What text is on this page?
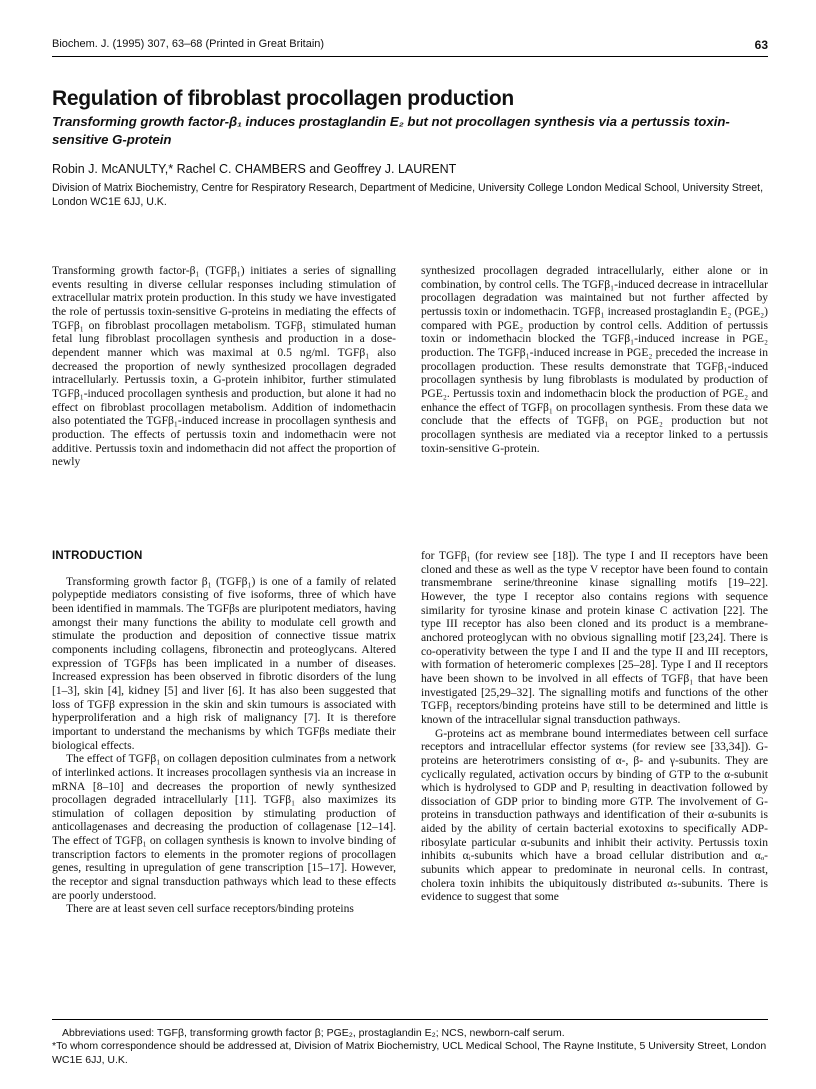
Biochem. J. (1995) 307, 63–68 (Printed in Great Britain)	63
Regulation of fibroblast procollagen production
Transforming growth factor-β₁ induces prostaglandin E₂ but not procollagen synthesis via a pertussis toxin-sensitive G-protein
Robin J. McANULTY,* Rachel C. CHAMBERS and Geoffrey J. LAURENT
Division of Matrix Biochemistry, Centre for Respiratory Research, Department of Medicine, University College London Medical School, University Street, London WC1E 6JJ, U.K.

Transforming growth factor-β₁ (TGFβ₁) initiates a series of signalling events resulting in diverse cellular responses including stimulation of extracellular matrix protein production. In this study we have investigated the role of pertussis toxin-sensitive G-proteins in mediating the effects of TGFβ₁ on fibroblast procollagen metabolism. TGFβ₁ stimulated human fetal lung fibroblast procollagen synthesis and production in a dose-dependent manner which was maximal at 0.5 ng/ml. TGFβ₁ also decreased the proportion of newly synthesized procollagen degraded intracellularly. Pertussis toxin, a G-protein inhibitor, further stimulated TGFβ₁-induced procollagen synthesis and production, but alone it had no effect on fibroblast procollagen metabolism. Addition of indomethacin also potentiated the TGFβ₁-induced increase in procollagen synthesis and production. The effects of pertussis toxin and indomethacin were not additive. Pertussis toxin and indomethacin did not affect the proportion of newly

synthesized procollagen degraded intracellularly, either alone or in combination, by control cells. The TGFβ₁-induced decrease in intracellular procollagen degradation was maintained but not further affected by pertussis toxin or indomethacin. TGFβ₁ increased prostaglandin E₂ (PGE₂) compared with PGE₂ production by control cells. Addition of pertussis toxin or indomethacin blocked the TGFβ₁-induced increase in PGE₂ production. The TGFβ₁-induced increase in PGE₂ preceded the increase in procollagen production. These results demonstrate that TGFβ₁-induced procollagen synthesis by lung fibroblasts is modulated by production of PGE₂. Pertussis toxin and indomethacin block the production of PGE₂ and enhance the effect of TGFβ₁ on procollagen synthesis. From these data we conclude that the effects of TGFβ₁ on PGE₂ production but not procollagen synthesis are mediated via a receptor linked to a pertussis toxin-sensitive G-protein.

INTRODUCTION

Transforming growth factor β₁ (TGFβ₁) is one of a family of related polypeptide mediators consisting of five isoforms, three of which have been identified in mammals. The TGFβs are pluripotent mediators, having amongst their many functions the ability to modulate cell growth and stimulate the production and deposition of connective tissue matrix components including collagens, fibronectin and proteoglycans. Altered expression of TGFβs has been implicated in a number of diseases. Increased expression has been observed in fibrotic disorders of the lung [1–3], skin [4], kidney [5] and liver [6]. It has also been suggested that loss of TGFβ expression in the skin and skin tumours is associated with hyperproliferation and a high risk of malignancy [7]. It is therefore important to understand the mechanisms by which TGFβs mediate their biological effects.

The effect of TGFβ₁ on collagen deposition culminates from a network of interlinked actions. It increases procollagen synthesis via an increase in mRNA [8–10] and decreases the proportion of newly synthesized procollagen degraded intracellularly [11]. TGFβ₁ also maximizes its stimulation of collagen deposition by stimulating production of anticollagenases and decreasing the production of collagenase [12–14]. The effect of TGFβ₁ on collagen synthesis is known to involve binding of transcription factors to elements in the promoter regions of procollagen genes, resulting in upregulation of gene transcription [15–17]. However, the receptor and signal transduction pathways which lead to these effects are poorly understood.

There are at least seven cell surface receptors/binding proteins

for TGFβ₁ (for review see [18]). The type I and II receptors have been cloned and these as well as the type V receptor have been found to contain transmembrane serine/threonine kinase signalling motifs [19–22]. However, the type I receptor also contains regions with sequence similarity for tyrosine kinase and protein kinase C activation [22]. The type III receptor has also been cloned and its product is a membrane-anchored proteoglycan with no obvious signalling motif [23,24]. There is co-operativity between the type I and II and the type II and III receptors, with formation of heteromeric complexes [25–28]. Type I and II receptors have been shown to be involved in all effects of TGFβ₁ that have been investigated [25,29–32]. The signalling motifs and functions of the other TGFβ₁ receptors/binding proteins have still to be determined and little is known of the intracellular signal transduction pathways.

G-proteins act as membrane bound intermediates between cell surface receptors and intracellular effector systems (for review see [33,34]). G-proteins are heterotrimers consisting of α-, β- and γ-subunits. They are cyclically regulated, activation occurs by binding of GTP to the α-subunit which is hydrolysed to GDP and Pᵢ resulting in deactivation followed by dissociation of GDP prior to binding more GTP. The involvement of G-proteins in transduction pathways and identification of their α-subunits is aided by the ability of certain bacterial exotoxins to specifically ADP-ribosylate particular α-subunits and inhibit their activity. Pertussis toxin inhibits αᵢ-subunits which have a broad cellular distribution and αₒ-subunits which appear to predominate in neuronal cells. In contrast, cholera toxin inhibits the ubiquitously distributed αₛ-subunits. There is evidence to suggest that some

Abbreviations used: TGFβ, transforming growth factor β; PGE₂, prostaglandin E₂; NCS, newborn-calf serum.
*To whom correspondence should be addressed at, Division of Matrix Biochemistry, UCL Medical School, The Rayne Institute, 5 University Street, London WC1E 6JJ, U.K.
